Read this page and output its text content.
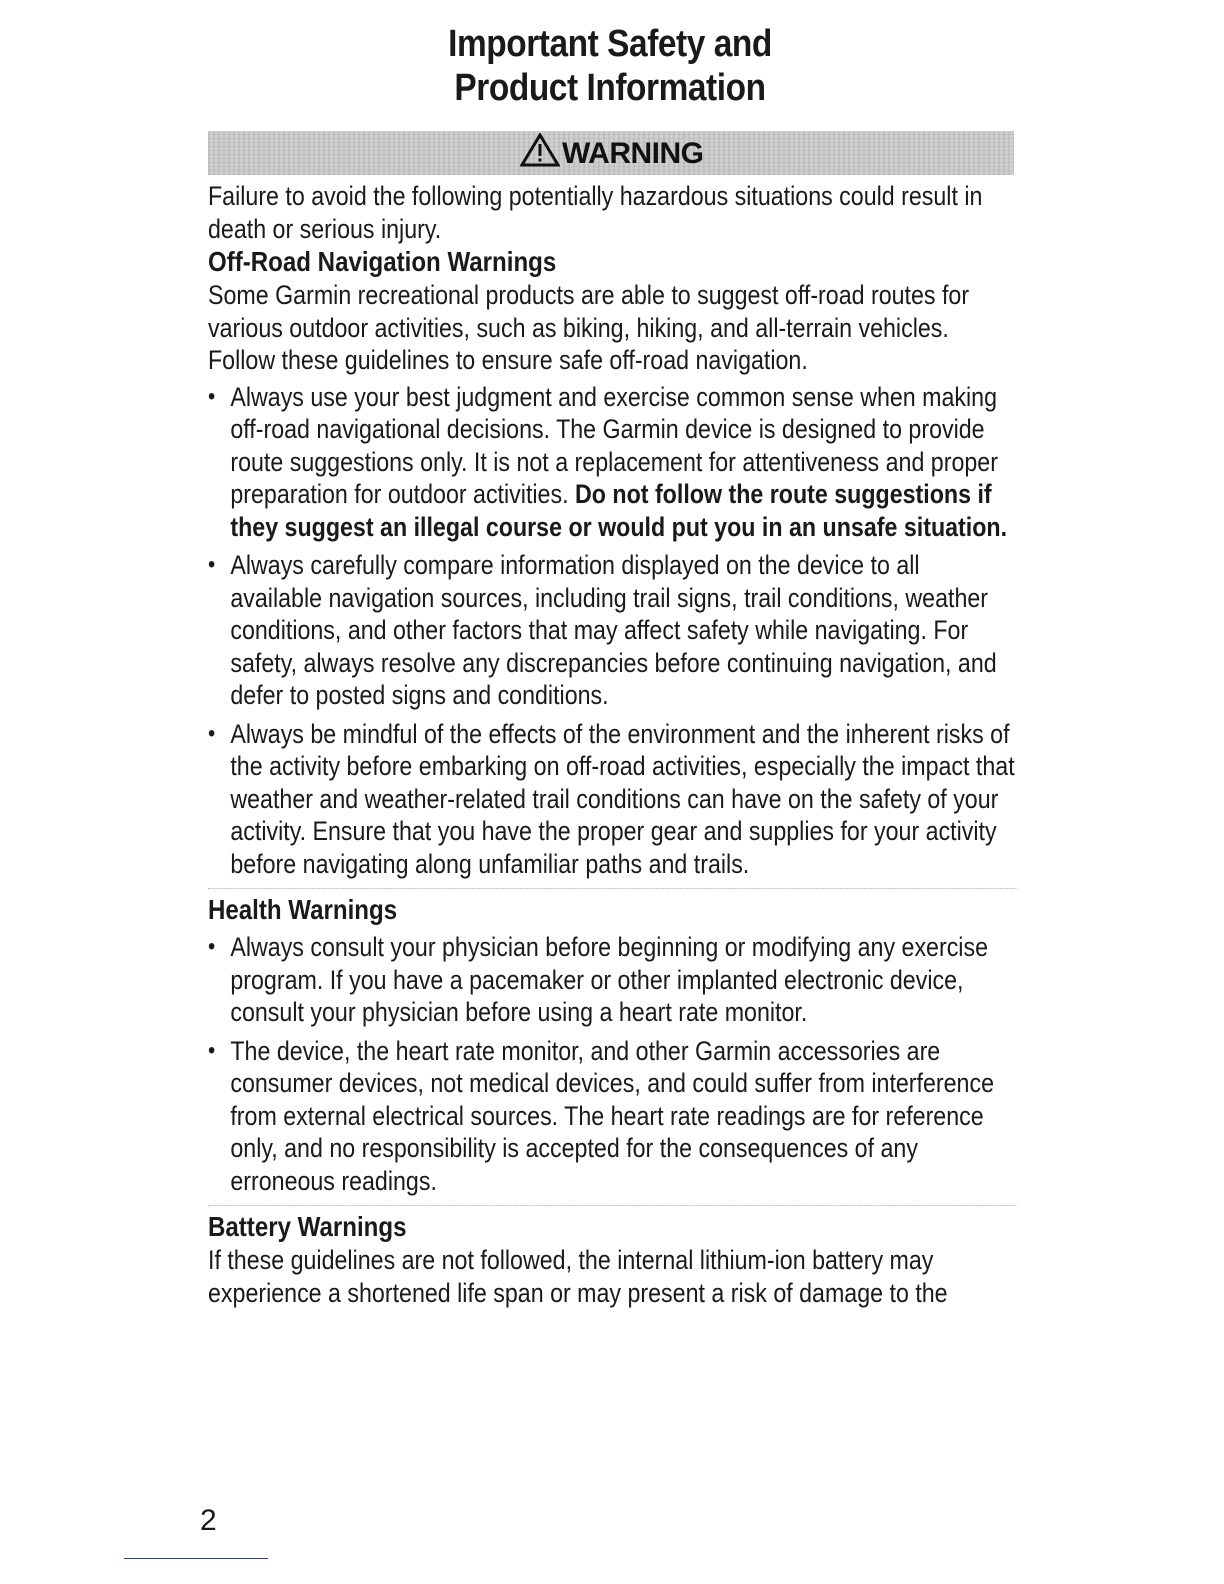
Important Safety and
Product Information
WARNING

Failure to avoid the following potentially hazardous situations could result in death or serious injury.

Off-Road Navigation Warnings

Some Garmin recreational products are able to suggest off-road routes for various outdoor activities, such as biking, hiking, and all-terrain vehicles. Follow these guidelines to ensure safe off-road navigation.

• Always use your best judgment and exercise common sense when making off-road navigational decisions. The Garmin device is designed to provide route suggestions only. It is not a replacement for attentiveness and proper preparation for outdoor activities. Do not follow the route suggestions if they suggest an illegal course or would put you in an unsafe situation.
• Always carefully compare information displayed on the device to all available navigation sources, including trail signs, trail conditions, weather conditions, and other factors that may affect safety while navigating. For safety, always resolve any discrepancies before continuing navigation, and defer to posted signs and conditions.
• Always be mindful of the effects of the environment and the inherent risks of the activity before embarking on off-road activities, especially the impact that weather and weather-related trail conditions can have on the safety of your activity. Ensure that you have the proper gear and supplies for your activity before navigating along unfamiliar paths and trails.

Health Warnings

• Always consult your physician before beginning or modifying any exercise program. If you have a pacemaker or other implanted electronic device, consult your physician before using a heart rate monitor.
• The device, the heart rate monitor, and other Garmin accessories are consumer devices, not medical devices, and could suffer from interference from external electrical sources. The heart rate readings are for reference only, and no responsibility is accepted for the consequences of any erroneous readings.

Battery Warnings

If these guidelines are not followed, the internal lithium-ion battery may experience a shortened life span or may present a risk of damage to the

2
